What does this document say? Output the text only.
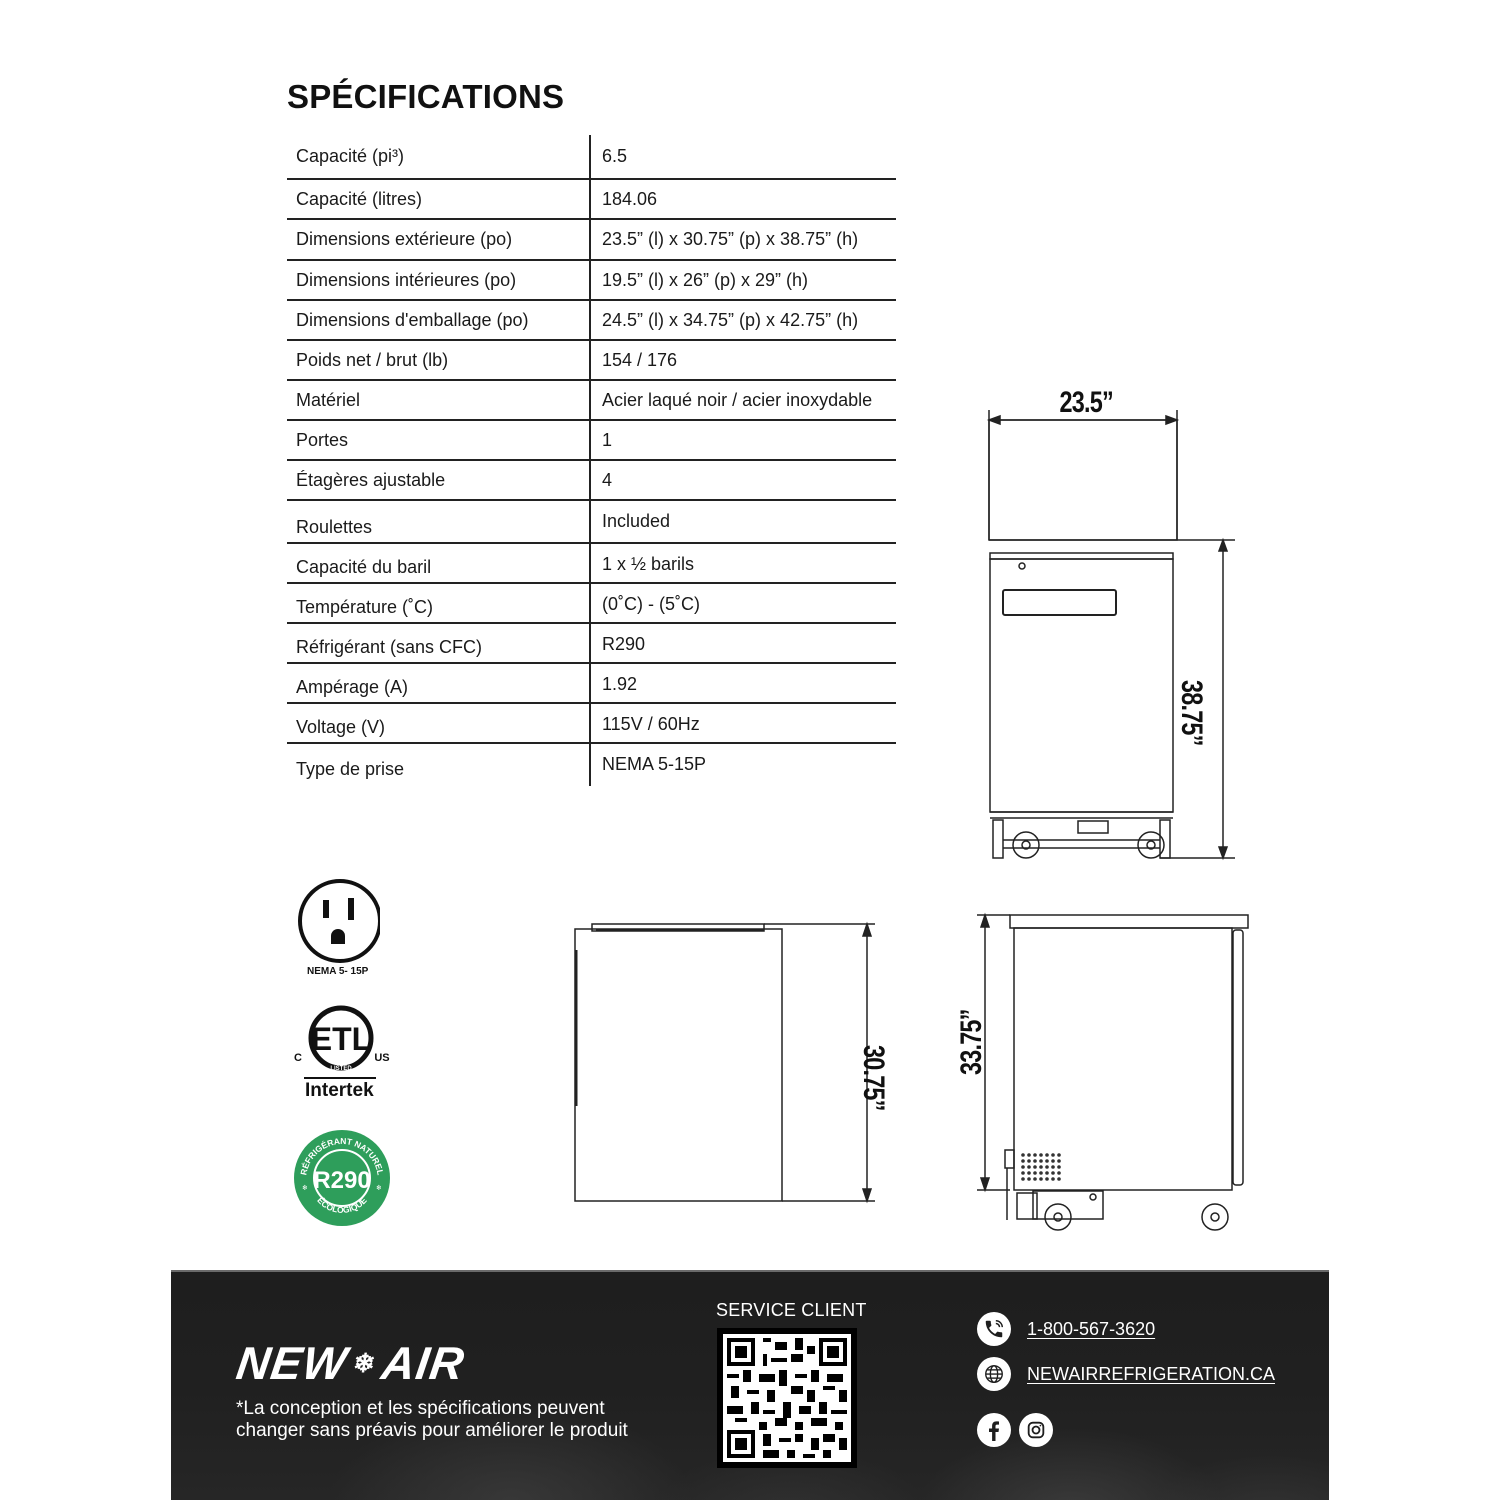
SPÉCIFICATIONS
Capacité (pi³)	6.5
Capacité (litres)	184.06
Dimensions extérieure (po)	23.5” (l) x 30.75” (p) x 38.75” (h)
Dimensions intérieures (po)	19.5” (l) x 26” (p) x 29” (h)
Dimensions d'emballage (po)	24.5” (l) x 34.75” (p) x 42.75” (h)
Poids net / brut (lb)	154 / 176
Matériel	Acier laqué noir / acier inoxydable
Portes	1
Étagères ajustable	4
Roulettes	Included
Capacité du baril	1 x ½ barils
Température (˚C)	(0˚C) - (5˚C)
Réfrigérant (sans CFC)	R290
Ampérage (A)	1.92
Voltage (V)	115V / 60Hz
Type de prise	NEMA 5-15P
23.5”
38.75”
30.75”
33.75”
NEMA 5- 15P
ETL
LISTED
C	US
Intertek
R290
RÉFRIGÉRANT NATUREL
ÉCOLOGIQUE
❄	❄
NEW ❄ AIR
*La conception et les spécifications peuvent changer sans préavis pour améliorer le produit
SERVICE CLIENT
1-800-567-3620
NEWAIRREFRIGERATION.CA
